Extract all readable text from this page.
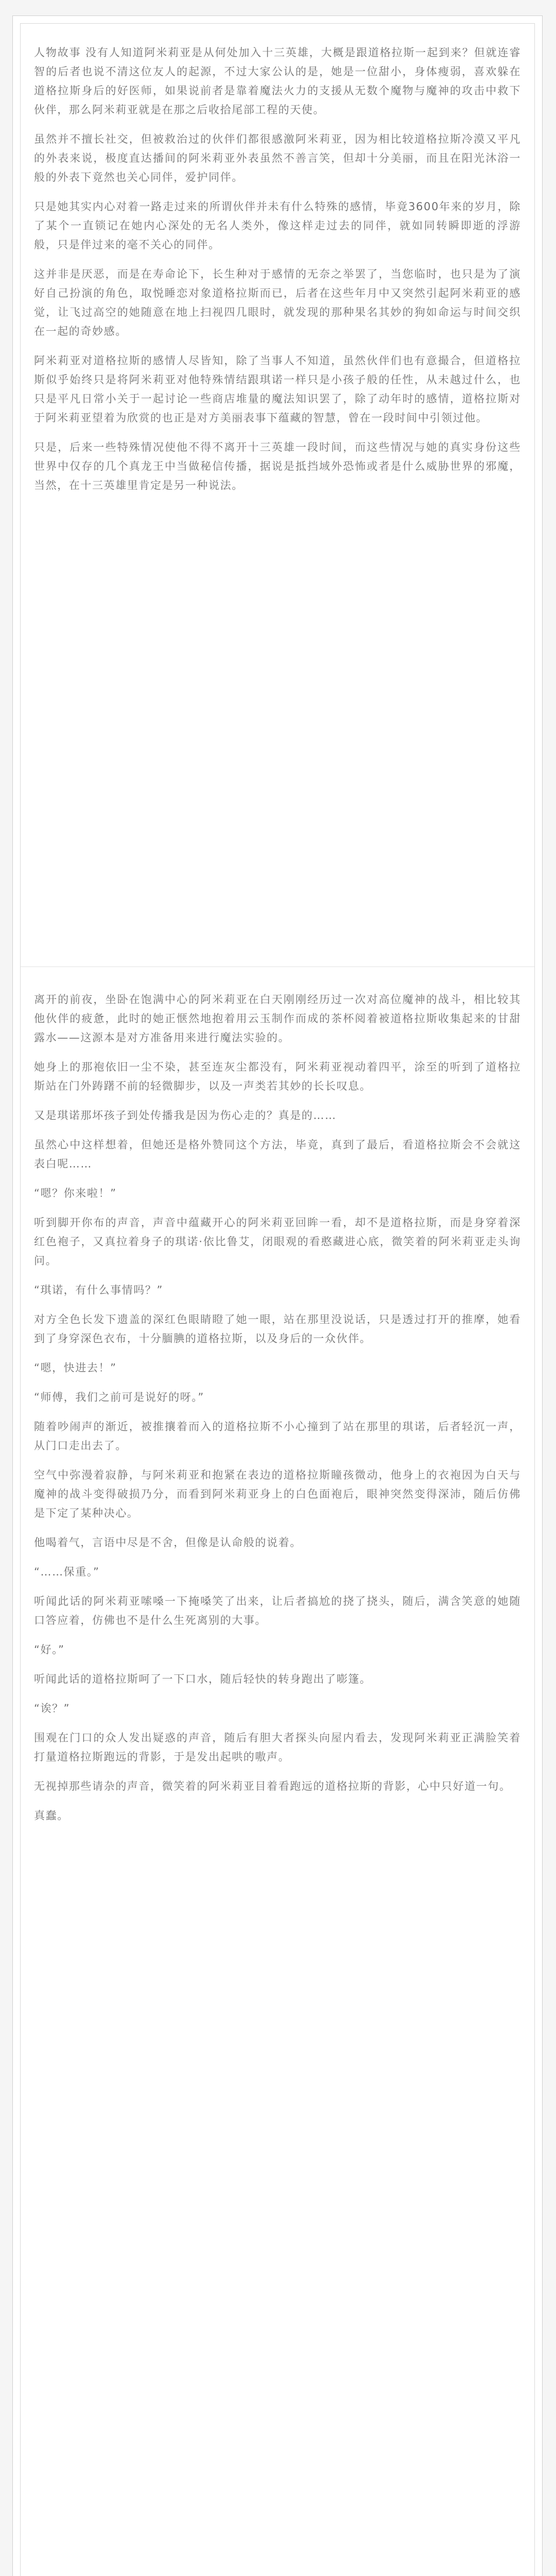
人物故事 没有人知道阿米莉亚是从何处加入十三英雄，大概是跟道格拉斯一起到来？但就连睿智的后者也说不清这位友人的起源，不过大家公认的是，她是一位甜小，身体瘦弱，喜欢躲在道格拉斯身后的好医师，如果说前者是靠着魔法火力的支援从无数个魔物与魔神的攻击中救下伙伴，那么阿米莉亚就是在那之后收拾尾部工程的天使。

虽然并不擅长社交，但被救治过的伙伴们都很感激阿米莉亚，因为相比较道格拉斯冷漠又平凡的外表来说，极度直达播间的阿米莉亚外表虽然不善言笑，但却十分美丽，而且在阳光沐浴一般的外表下竟然也关心同伴，爱护同伴。

只是她其实内心对着一路走过来的所谓伙伴并未有什么特殊的感情，毕竟3600年来的岁月，除了某个一直锁记在她内心深处的无名人类外，像这样走过去的同伴，就如同转瞬即逝的浮游般，只是伴过来的毫不关心的同伴。

这并非是厌恶，而是在寿命论下，长生种对于感情的无奈之举罢了，当您临时，也只是为了演好自己扮演的角色，取悦睡恋对象道格拉斯而已，后者在这些年月中又突然引起阿米莉亚的感觉，让飞过高空的她随意在地上扫视四几眼时，就发现的那种果名其妙的狗如命运与时间交织在一起的奇妙感。

阿米莉亚对道格拉斯的感情人尽皆知，除了当事人不知道，虽然伙伴们也有意撮合，但道格拉斯似乎始终只是将阿米莉亚对他特殊情结跟琪诺一样只是小孩子般的任性，从未越过什么，也只是平凡日常小关于一起讨论一些商店堆量的魔法知识罢了，除了动年时的感情，道格拉斯对于阿米莉亚望着为欣赏的也正是对方美丽表事下蕴藏的智慧，曾在一段时间中引领过他。

只是，后来一些特殊情况使他不得不离开十三英雄一段时间，而这些情况与她的真实身份这些世界中仅存的几个真龙王中当做秘信传播，据说是抵挡域外恐怖或者是什么威胁世界的邪魔，当然，在十三英雄里肯定是另一种说法。

离开的前夜，坐卧在饱满中心的阿米莉亚在白天刚刚经历过一次对高位魔神的战斗，相比较其他伙伴的疲惫，此时的她正惬然地抱着用云玉制作而成的茶杯阅着被道格拉斯收集起来的甘甜露水——这源本是对方准备用来进行魔法实验的。

她身上的那袍依旧一尘不染，甚至连灰尘都没有，阿米莉亚视动着四平，涂至的听到了道格拉斯站在门外踌躇不前的轻微脚步，以及一声类若其妙的长长叹息。

又是琪诺那坏孩子到处传播我是因为伤心走的？真是的……

虽然心中这样想着，但她还是格外赞同这个方法，毕竟，真到了最后，看道格拉斯会不会就这表白呢……

“嗯？你来啦！”

听到脚开你布的声音，声音中蕴藏开心的阿米莉亚回眸一看，却不是道格拉斯，而是身穿着深红色袍子，又真拉着身子的琪诺·依比鲁艾，闭眼观的看憨藏进心底，微笑着的阿米莉亚走头询问。

“琪诺，有什么事情吗？”

对方全色长发下遗盖的深红色眼睛瞪了她一眼，站在那里没说话，只是透过打开的推摩，她看到了身穿深色衣布，十分腼腆的道格拉斯，以及身后的一众伙伴。

“嗯，快进去！”

“师傅，我们之前可是说好的呀。”

随着吵闹声的渐近，被推攘着而入的道格拉斯不小心撞到了站在那里的琪诺，后者轻沉一声，从门口走出去了。

空气中弥漫着寂静，与阿米莉亚和抱紧在表边的道格拉斯瞳孩微动，他身上的衣袍因为白天与魔神的战斗变得破损乃分，而看到阿米莉亚身上的白色面袍后，眼神突然变得深沛，随后仿佛是下定了某种决心。

他喝着气，言语中尽是不舍，但像是认命般的说着。

“……保重。”

听闻此话的阿米莉亚嗦嗓一下掩嗓笑了出来，让后者搞尬的挠了挠头，随后，满含笑意的她随口答应着，仿佛也不是什么生死离别的大事。

“好。”

听闻此话的道格拉斯呵了一下口水，随后轻快的转身跑出了嘭篷。

“诶？”

围观在门口的众人发出疑惑的声音，随后有胆大者探头向屋内看去，发现阿米莉亚正满脸笑着打量道格拉斯跑远的背影，于是发出起哄的嗷声。

无视掉那些请杂的声音，微笑着的阿米莉亚目着看跑远的道格拉斯的背影，心中只好道一句。

真蠢。
